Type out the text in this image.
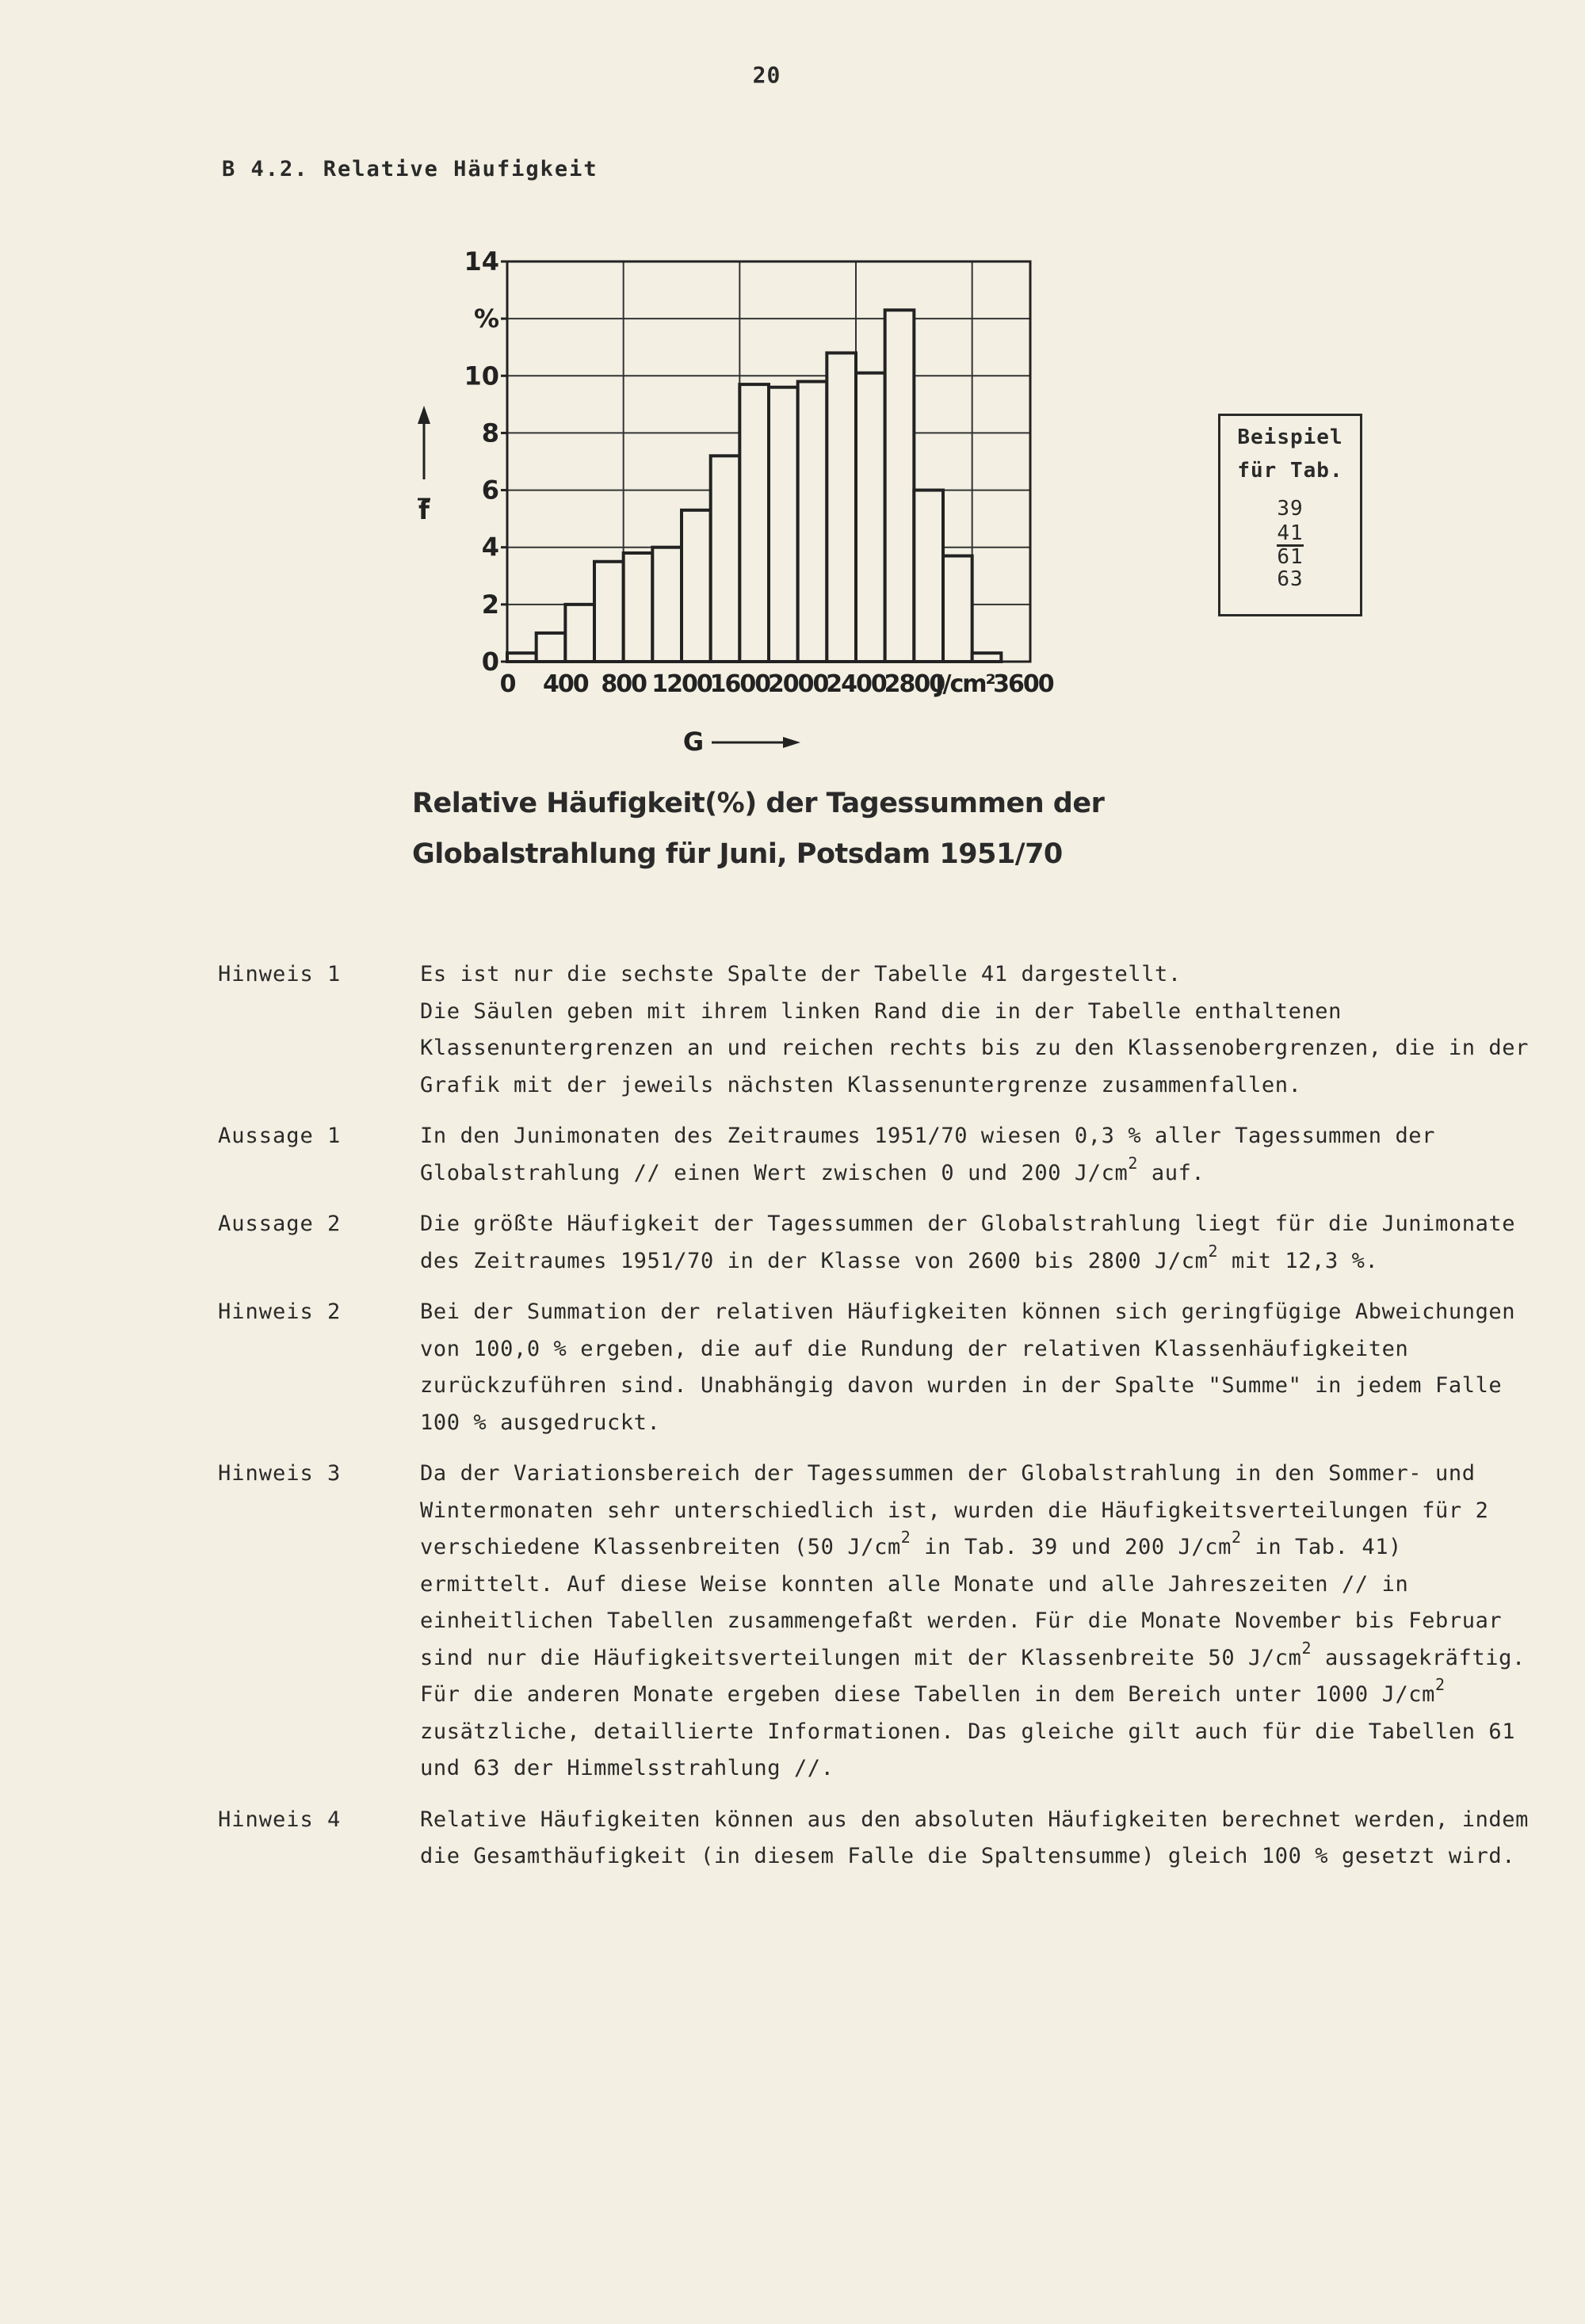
20
B 4.2. Relative Häufigkeit
14
%
10
8
6
4
2
0
0 400 800 1200
1600
2000
2400
2800
J/cm²
3600
f
G
Relative Häufigkeit(%) der Tagessummen der
Globalstrahlung für Juni, Potsdam 1951/70
Beispiel
für Tab.
39
41
61
63
Hinweis 1	Es ist nur die sechste Spalte der Tabelle 41 dargestellt.
Die Säulen geben mit ihrem linken Rand die in der Tabelle enthaltenen Klassenuntergrenzen an und reichen rechts bis zu den Klassenobergrenzen, die in der Grafik mit der jeweils nächsten Klassenuntergrenze zusammenfallen.
Aussage 1	In den Junimonaten des Zeitraumes 1951/70 wiesen 0,3 % aller Tagessummen der Globalstrahlung // einen Wert zwischen 0 und 200 $J/cm^2$ auf.
Aussage 2	Die größte Häufigkeit der Tagessummen der Globalstrahlung liegt für die Junimonate des Zeitraumes 1951/70 in der Klasse von 2600 bis 2800 $J/cm^2$ mit 12,3 %.
Hinweis 2	Bei der Summation der relativen Häufigkeiten können sich geringfügige Abweichungen von 100,0 % ergeben, die auf die Rundung der relativen Klassenhäufigkeiten zurückzuführen sind. Unabhängig davon wurden in der Spalte "Summe" in jedem Falle 100 % ausgedruckt.
Hinweis 3	Da der Variationsbereich der Tagessummen der Globalstrahlung in den Sommer- und Wintermonaten sehr unterschiedlich ist, wurden die Häufigkeitsverteilungen für 2 verschiedene Klassenbreiten (50 $J/cm^2$ in Tab. 39 und 200 $J/cm^2$ in Tab. 41) ermittelt. Auf diese Weise konnten alle Monate und alle Jahreszeiten // in einheitlichen Tabellen zusammengefaßt werden. Für die Monate November bis Februar sind nur die Häufigkeitsverteilungen mit der Klassenbreite 50 $J/cm^2$ aussagekräftig. Für die anderen Monate ergeben diese Tabellen in dem Bereich unter 1000 $J/cm^2$ zusätzliche, detaillierte Informationen. Das gleiche gilt auch für die Tabellen 61 und 63 der Himmelsstrahlung //.
Hinweis 4	Relative Häufigkeiten können aus den absoluten Häufigkeiten berechnet werden, indem die Gesamthäufigkeit (in diesem Falle die Spaltensumme) gleich 100 % gesetzt wird.
